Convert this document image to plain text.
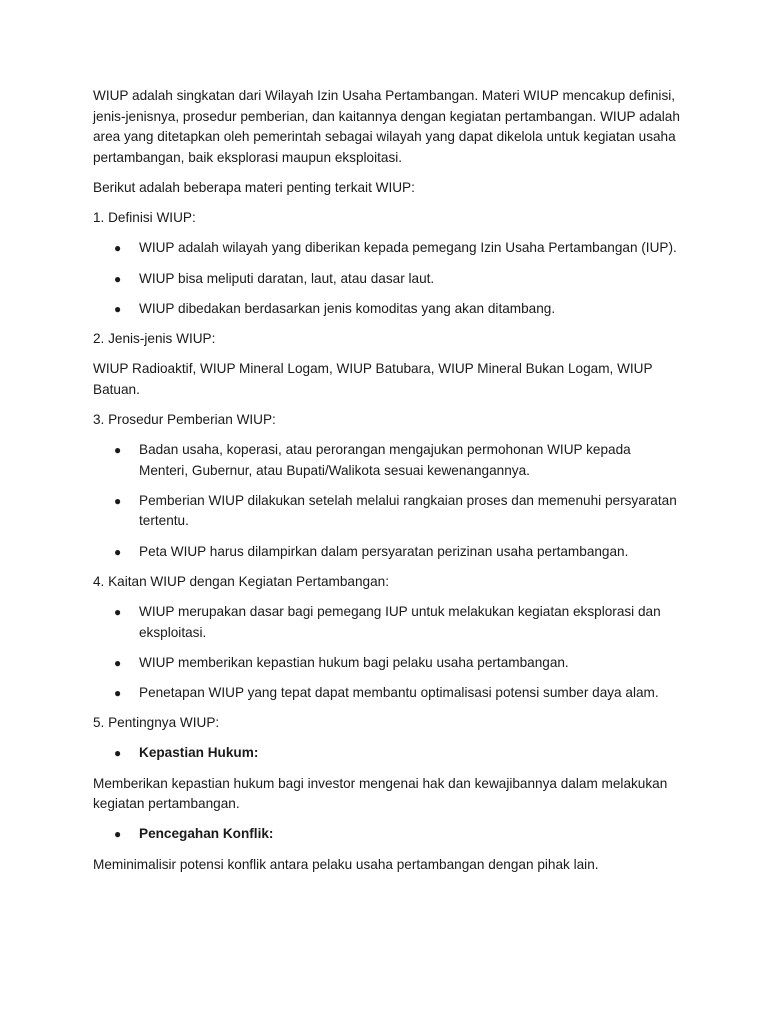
WIUP adalah singkatan dari Wilayah Izin Usaha Pertambangan. Materi WIUP mencakup definisi, jenis-jenisnya, prosedur pemberian, dan kaitannya dengan kegiatan pertambangan. WIUP adalah area yang ditetapkan oleh pemerintah sebagai wilayah yang dapat dikelola untuk kegiatan usaha pertambangan, baik eksplorasi maupun eksploitasi.

Berikut adalah beberapa materi penting terkait WIUP:

1. Definisi WIUP:

● WIUP adalah wilayah yang diberikan kepada pemegang Izin Usaha Pertambangan (IUP).
● WIUP bisa meliputi daratan, laut, atau dasar laut.
● WIUP dibedakan berdasarkan jenis komoditas yang akan ditambang.

2. Jenis-jenis WIUP:

WIUP Radioaktif, WIUP Mineral Logam, WIUP Batubara, WIUP Mineral Bukan Logam, WIUP Batuan.

3. Prosedur Pemberian WIUP:

● Badan usaha, koperasi, atau perorangan mengajukan permohonan WIUP kepada Menteri, Gubernur, atau Bupati/Walikota sesuai kewenangannya.
● Pemberian WIUP dilakukan setelah melalui rangkaian proses dan memenuhi persyaratan tertentu.
● Peta WIUP harus dilampirkan dalam persyaratan perizinan usaha pertambangan.

4. Kaitan WIUP dengan Kegiatan Pertambangan:

● WIUP merupakan dasar bagi pemegang IUP untuk melakukan kegiatan eksplorasi dan eksploitasi.
● WIUP memberikan kepastian hukum bagi pelaku usaha pertambangan.
● Penetapan WIUP yang tepat dapat membantu optimalisasi potensi sumber daya alam.

5. Pentingnya WIUP:

● Kepastian Hukum:

Memberikan kepastian hukum bagi investor mengenai hak dan kewajibannya dalam melakukan kegiatan pertambangan.

● Pencegahan Konflik:

Meminimalisir potensi konflik antara pelaku usaha pertambangan dengan pihak lain.
